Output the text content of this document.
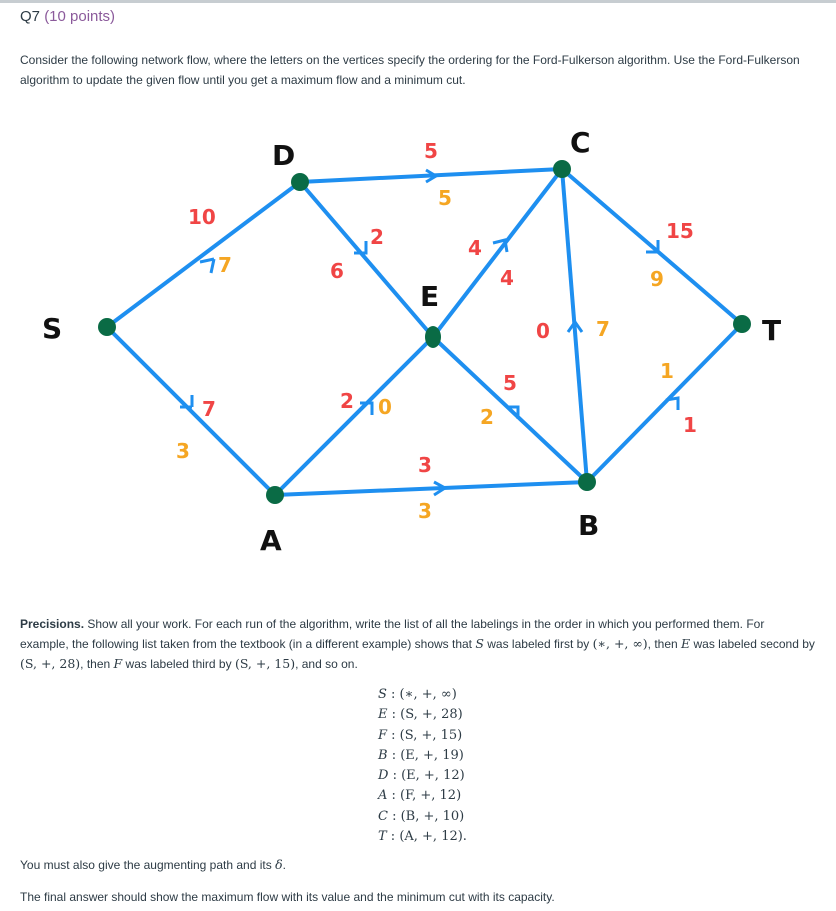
Q7 (10 points)
Consider the following network flow, where the letters on the vertices specify the ordering for the Ford-Fulkerson algorithm. Use the Ford-Fulkerson algorithm to update the given flow until you get a maximum flow and a minimum cut.
10
7
7
3
5
5
2
6
4
4
15
9
2 0
5
2
7
0
3
3
1
1
S
D	C
E
T
A	B
Precisions. Show all your work. For each run of the algorithm, write the list of all the labelings in the order in which you performed them. For example, the following list taken from the textbook (in a different example) shows that S was labeled first by (∗, +, ∞), then E was labeled second by (S, +, 28), then F was labeled third by (S, +, 15), and so on.
S : (∗, +, ∞)
E : (S, +, 28)
F : (S, +, 15)
B : (E, +, 19)
D : (E, +, 12)
A : (F, +, 12)
C : (B, +, 10)
T : (A, +, 12).
You must also give the augmenting path and its δ.
The final answer should show the maximum flow with its value and the minimum cut with its capacity.
